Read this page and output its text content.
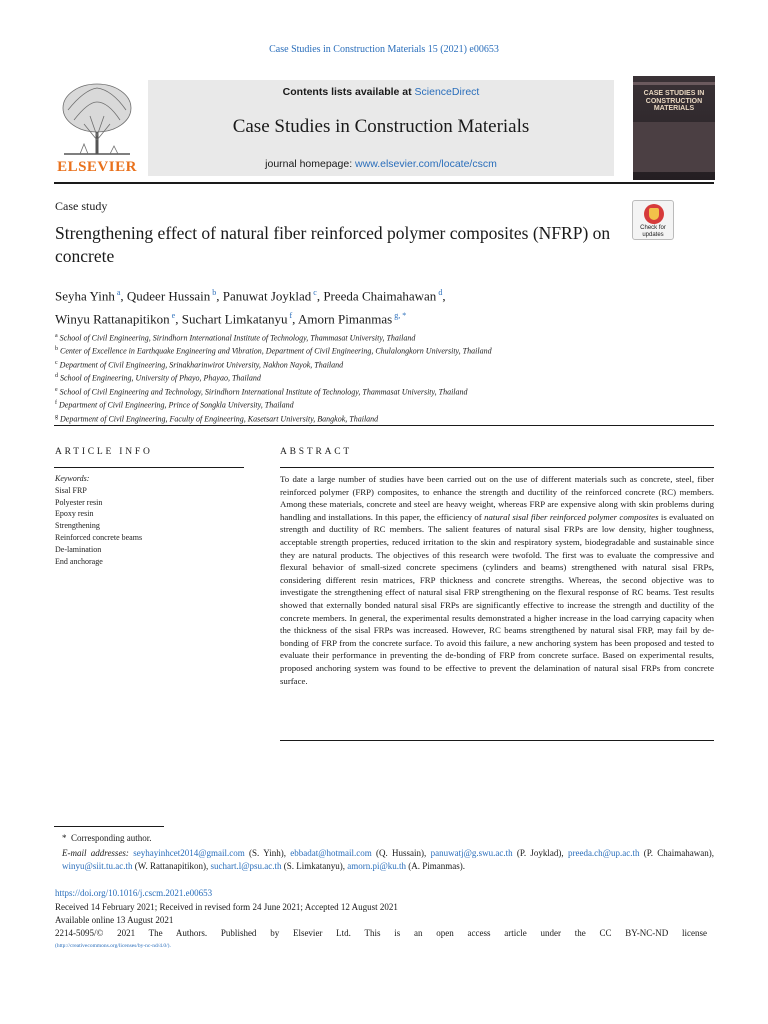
Case Studies in Construction Materials 15 (2021) e00653
ELSEVIER
Contents lists available at ScienceDirect
Case Studies in Construction Materials
journal homepage: www.elsevier.com/locate/cscm
CASE STUDIES IN CONSTRUCTION MATERIALS
Case study
Check for updates
Strengthening effect of natural fiber reinforced polymer composites (NFRP) on concrete
Seyha Yinh $^a$, Qudeer Hussain $^b$, Panuwat Joyklad $^c$, Preeda Chaimahawan $^d$,
Winyu Rattanapitikon $^e$, Suchart Limkatanyu $^f$, Amorn Pimanmas $^{g, *}$
$^a$ School of Civil Engineering, Sirindhorn International Institute of Technology, Thammasat University, Thailand
$^b$ Center of Excellence in Earthquake Engineering and Vibration, Department of Civil Engineering, Chulalongkorn University, Thailand
$^c$ Department of Civil Engineering, Srinakharinwirot University, Nakhon Nayok, Thailand
$^d$ School of Engineering, University of Phayo, Phayao, Thailand
$^e$ School of Civil Engineering and Technology, Sirindhorn International Institute of Technology, Thammasat University, Thailand
$^f$ Department of Civil Engineering, Prince of Songkla University, Thailand
$^g$ Department of Civil Engineering, Faculty of Engineering, Kasetsart University, Bangkok, Thailand
ARTICLE INFO	ABSTRACT
Keywords:
Sisal FRP
Polyester resin
Epoxy resin
Strengthening
Reinforced concrete beams
De-lamination
End anchorage
To date a large number of studies have been carried out on the use of different materials such as concrete, steel, fiber reinforced polymer (FRP) composites, to enhance the strength and ductility of the reinforced concrete (RC) members. Among these materials, concrete and steel are heavy weight, whereas FRP are expensive along with skin problems during handling and installations. In this paper, the efficiency of natural sisal fiber reinforced polymer composites is evaluated on strength and ductility of RC members. The salient features of natural sisal FRPs are low density, higher toughness, acceptable strength properties, reduced irritation to the skin and respiratory system, biodegradable and sustainable since they are natural products. The objectives of this research were twofold. The first was to evaluate the compressive and flexural behavior of small-sized concrete specimens (cylinders and beams) strengthened with natural sisal FRPs, considering different resin matrices, FRP thickness and concrete strengths. Whereas, the second objective was to investigate the strengthening effect of natural sisal FRP strengthening on the flexural response of RC beams. Test results showed that externally bonded natural sisal FRPs are significantly effective to increase the strength and ductility of the concrete members. In general, the experimental results demonstrated a higher increase in the load carrying capacity when the thickness of the sisal FRPs was increased. However, RC beams strengthened by natural sisal FRP, may fail by de-bonding of FRP from the concrete surface. To avoid this failure, a new anchoring system has been proposed and tested to evaluate their performance in preventing the de-bonding of FRP from concrete surface. Based on experimental results, proposed anchoring system was found to be effective to prevent the delamination of natural sisal FRPs from concrete surface.
* Corresponding author.
E-mail addresses: seyhayinhcet2014@gmail.com (S. Yinh), ebbadat@hotmail.com (Q. Hussain), panuwatj@g.swu.ac.th (P. Joyklad), preeda.ch@up.ac.th (P. Chaimahawan), winyu@siit.tu.ac.th (W. Rattanapitikon), suchart.l@psu.ac.th (S. Limkatanyu), amorn.pi@ku.th (A. Pimanmas).
https://doi.org/10.1016/j.cscm.2021.e00653
Received 14 February 2021; Received in revised form 24 June 2021; Accepted 12 August 2021
Available online 13 August 2021
2214-5095/© 2021 The Authors. Published by Elsevier Ltd. This is an open access article under the CC BY-NC-ND license
(http://creativecommons.org/licenses/by-nc-nd/4.0/).
